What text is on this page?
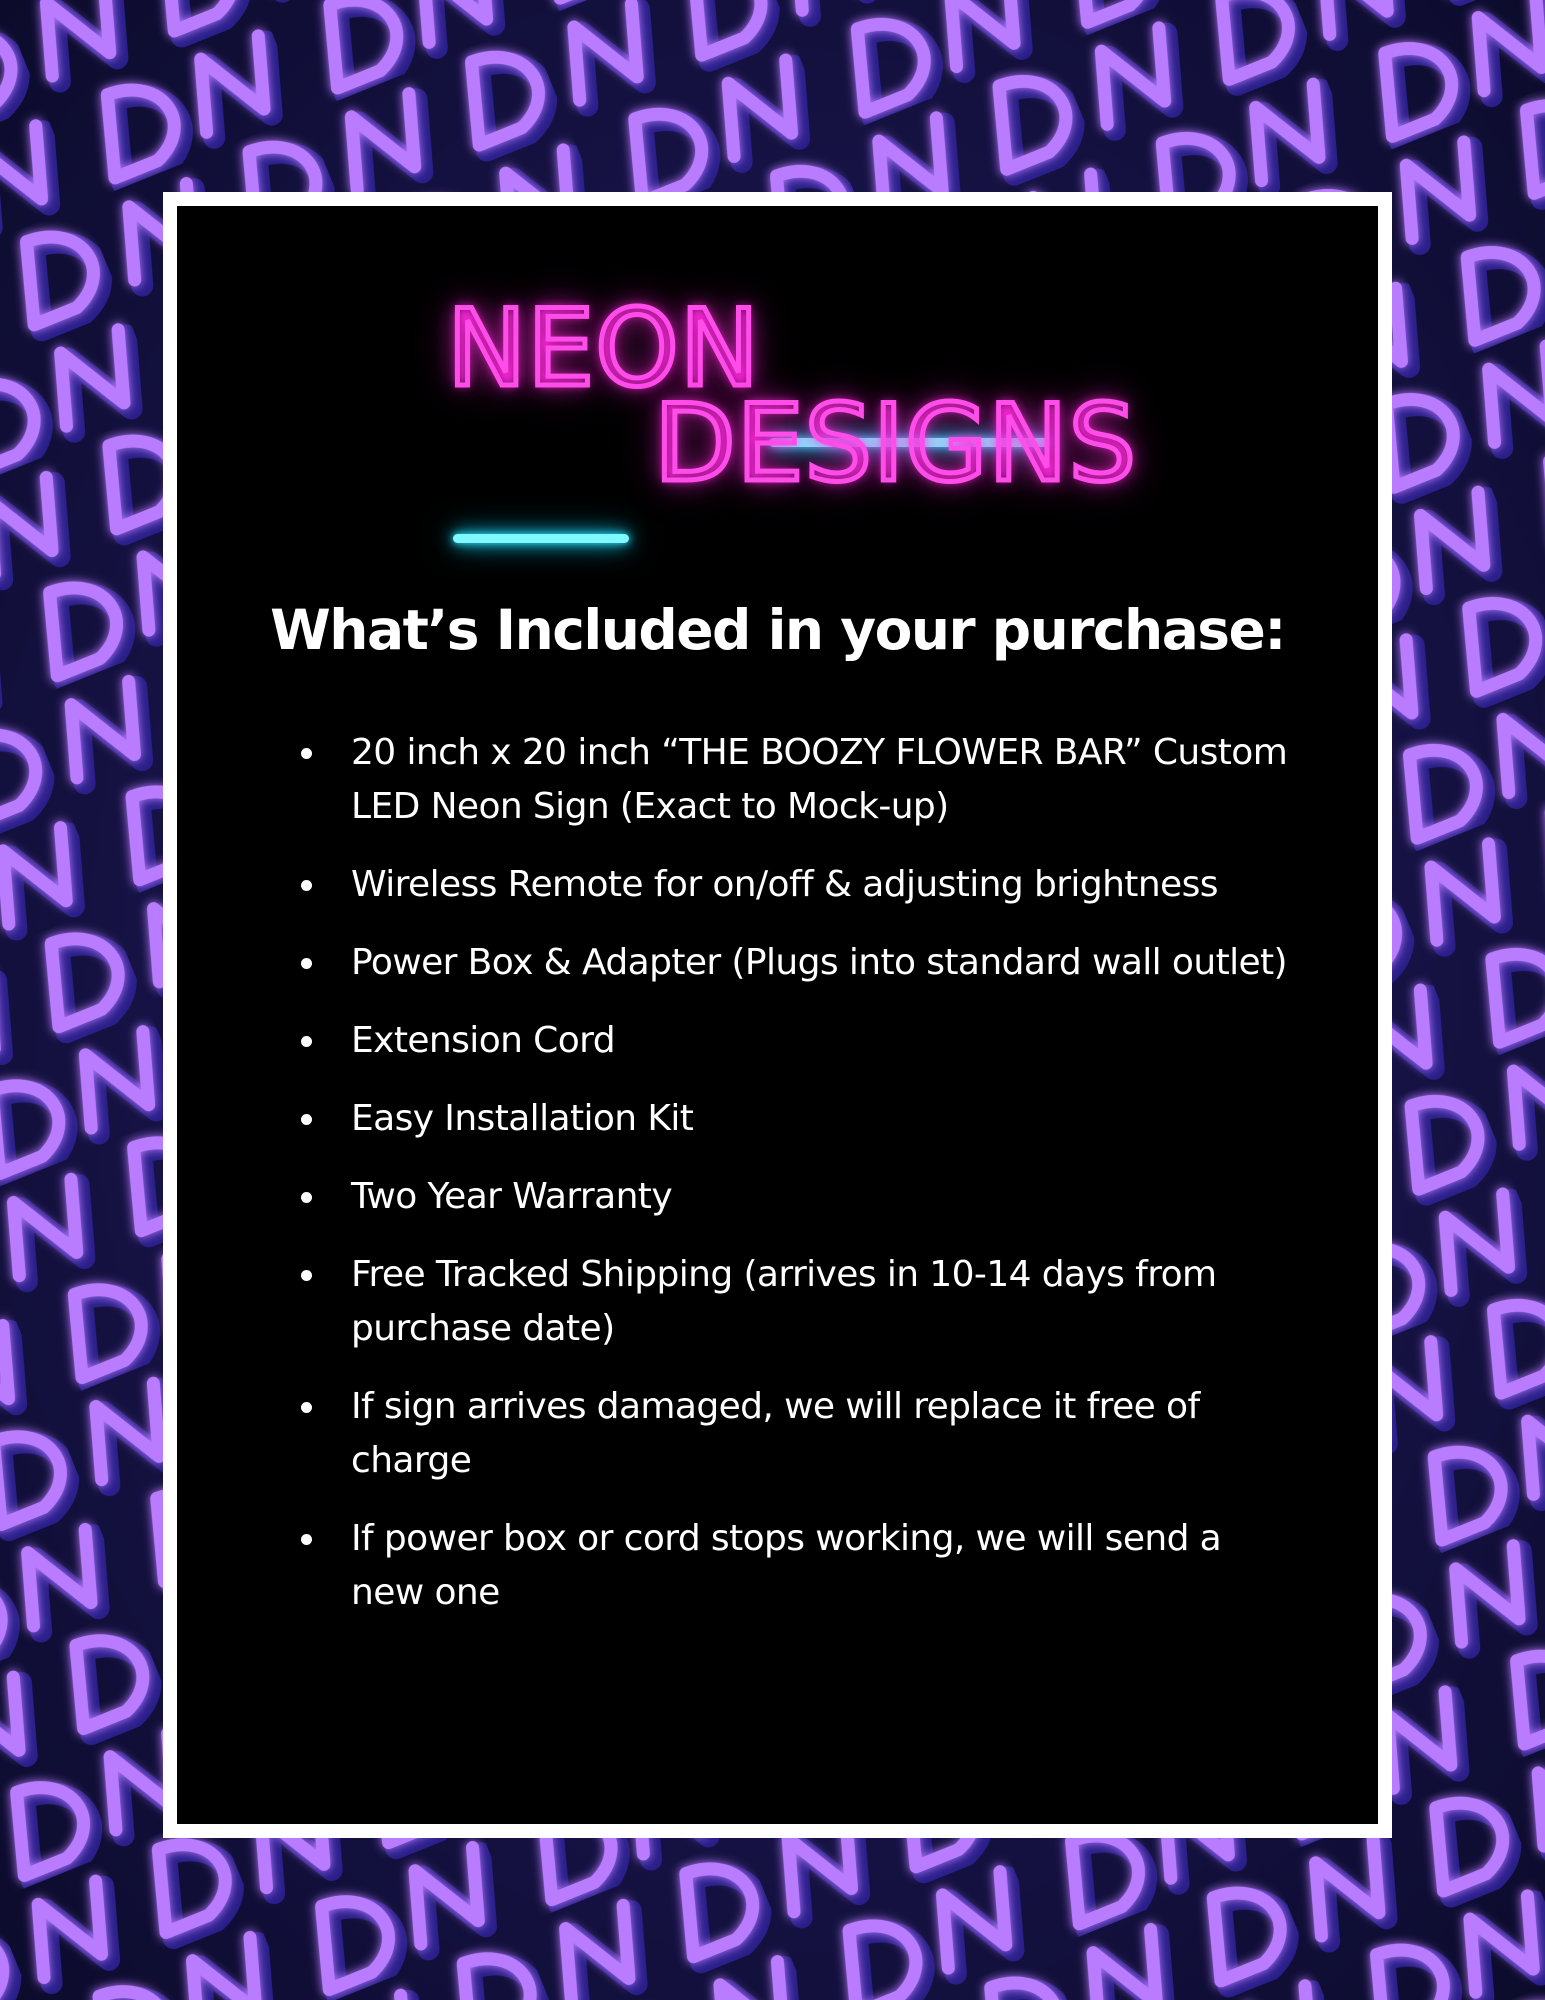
NEON
DESIGNS
What’s Included in your purchase:
20 inch x 20 inch “THE BOOZY FLOWER BAR” Custom LED Neon Sign (Exact to Mock-up)
Wireless Remote for on/off & adjusting brightness
Power Box & Adapter (Plugs into standard wall outlet)
Extension Cord
Easy Installation Kit
Two Year Warranty
Free Tracked Shipping (arrives in 10-14 days from purchase date)
If sign arrives damaged, we will replace it free of charge
If power box or cord stops working, we will send a new one
